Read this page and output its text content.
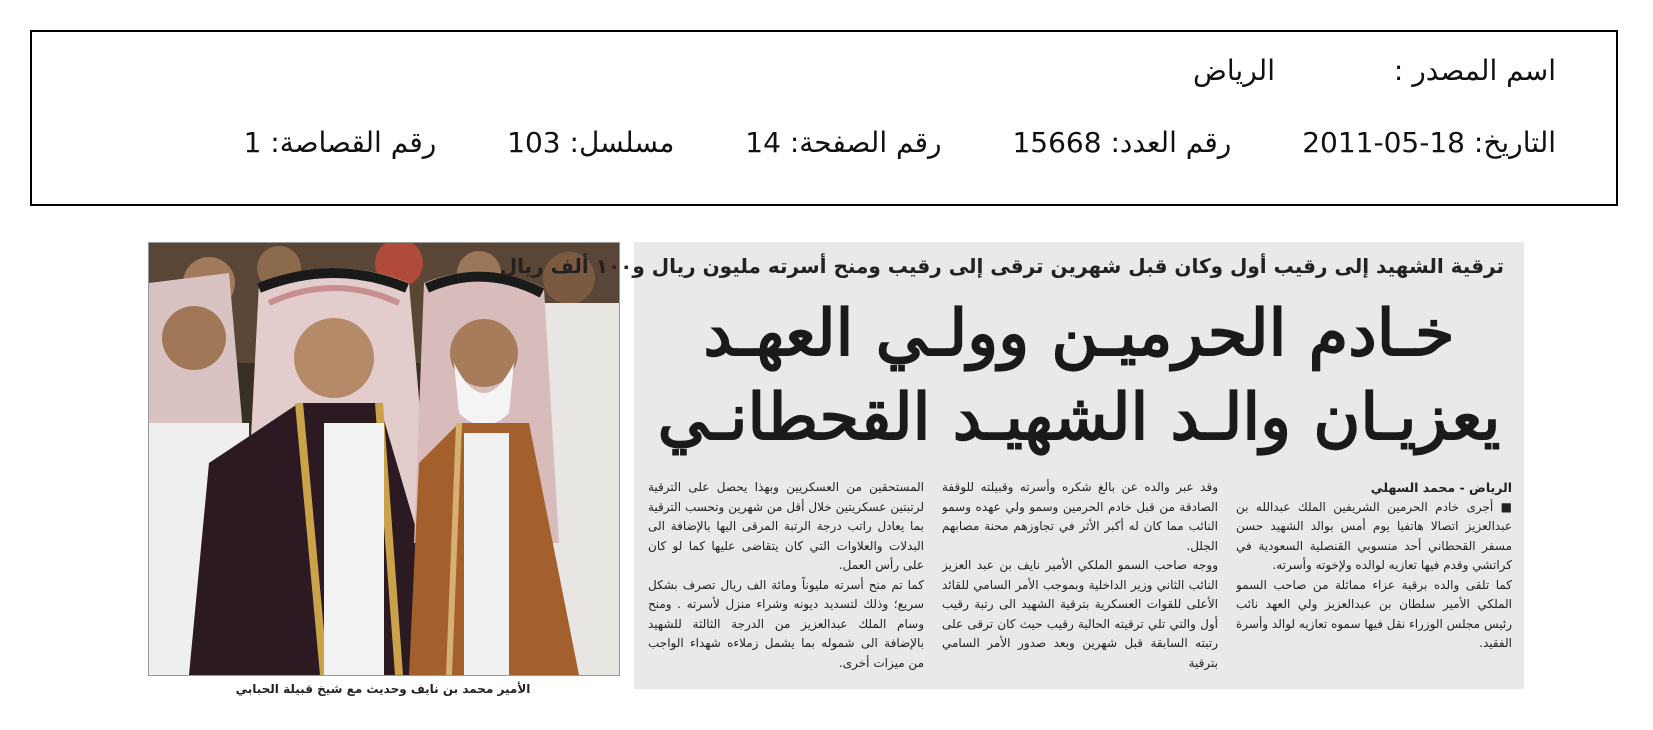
اسم المصدر : الرياض
التاريخ: 18-05-2011 رقم العدد: 15668 رقم الصفحة: 14 مسلسل: 103 رقم القصاصة: 1
الأمير محمد بن نايف وحديث مع شيخ قبيلة الحبابي
ترقية الشهيد إلى رقيب أول وكان قبل شهرين ترقى إلى رقيب ومنح أسرته مليون ريال و١٠٠ ألف ريال
خـادم الحرميـن وولـي العهـد
يعزيـان والـد الشهيـد القحطانـي

الرياض - محمد السهلي

■ أجرى خادم الحرمين الشريفين الملك عبدالله بن عبدالعزيز اتصالا هاتفيا يوم أمس بوالد الشهيد حسن مسفر القحطاني أحد منسوبي القنصلية السعودية في كراتشي وقدم فيها تعازيه لوالده ولإخوته وأسرته.

كما تلقى والده برقية عزاء مماثلة من صاحب السمو الملكي الأمير سلطان بن عبدالعزيز ولي العهد نائب رئيس مجلس الوزراء نقل فيها سموه تعازيه لوالد وأسرة الفقيد.

وقد عبر والده عن بالغ شكره وأسرته وقبيلته للوقفة الصادقة من قبل خادم الحرمين وسمو ولي عهده وسمو النائب مما كان له أكبر الأثر في تجاوزهم محنة مصابهم الجلل.

ووجه صاحب السمو الملكي الأمير نايف بن عبد العزيز النائب الثاني وزير الداخلية وبموجب الأمر السامي للقائد الأعلى للقوات العسكرية بترقية الشهيد الى رتبة رقيب أول والتي تلي ترقيته الحالية رقيب حيث كان ترقى على رتبته السابقة قبل شهرين وبعد صدور الأمر السامي بترقية

المستحقين من العسكريين وبهذا يحصل على الترقية لرتبتين عسكريتين خلال أقل من شهرين وتحسب الترقية بما يعادل راتب درجة الرتبة المرقى اليها بالإضافة الى البدلات والعلاوات التي كان يتقاضى عليها كما لو كان على رأس العمل.

كما تم منح أسرته مليوناً ومائة الف ريال تصرف بشكل سريع؛ وذلك لتسديد ديونه وشراء منزل لأسرته . ومنح وسام الملك عبدالعزيز من الدرجة الثالثة للشهيد بالإضافة الى شموله بما يشمل زملاءه شهداء الواجب من ميزات أخرى.
